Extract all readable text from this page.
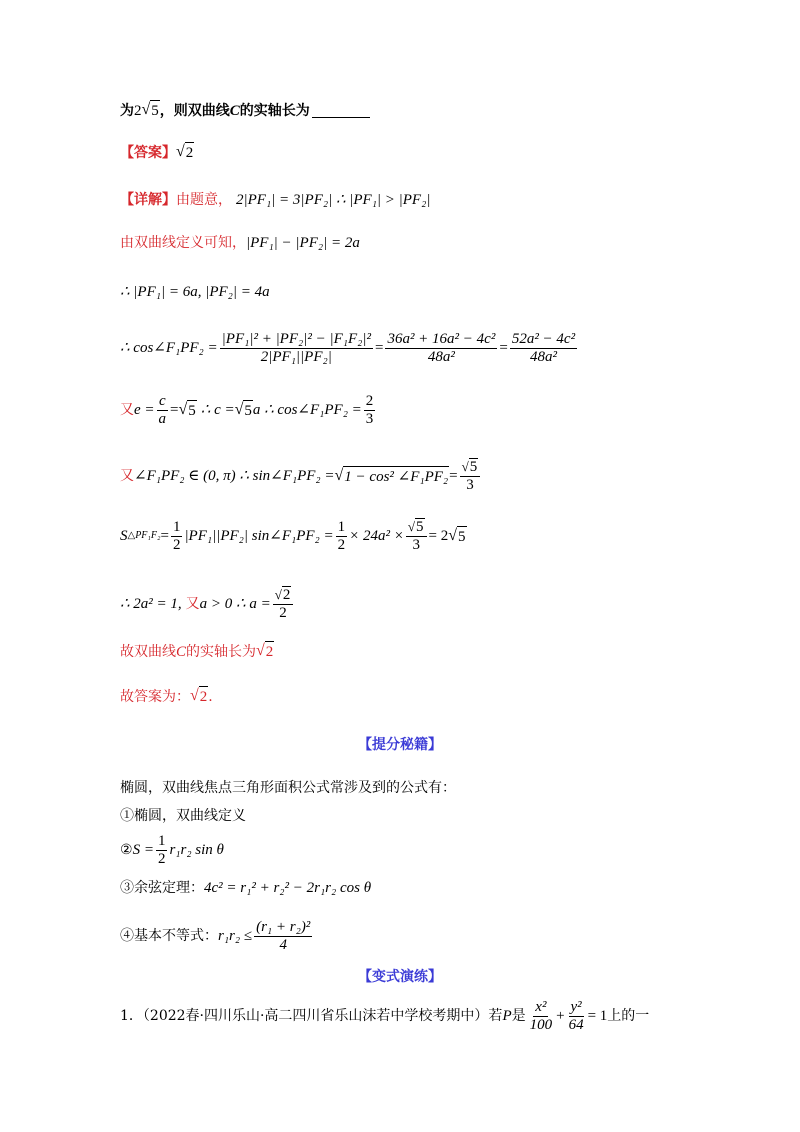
为 2 √ 5 ，则双曲线 C 的实轴长为
【答案】 √ 2
【详解】 由题意， 2|PF₁| = 3|PF₂| ∴ |PF₁| > |PF₂|
由双曲线定义可知， |PF₁| − |PF₂| = 2a
∴ |PF₁| = 6a, |PF₂| = 4a
∴ cos∠F₁PF₂ = $\frac{\text{|PF₁|² + |PF₂|² − |F₁F₂|²}}{\text{2|PF₁||PF₂|}} = \frac{\text{36a² + 16a² − 4c²}}{\text{48a²}} = \frac{\text{52a² − 4c²}}{\text{48a²}}$
又 $e = \frac{c}{a}$ = √ 5 ∴ c = √ 5 a ∴ cos∠F₁PF₂ = $\frac{2}{3}$
又 ∠F₁PF₂ ∈ (0, π) ∴ sin∠F₁PF₂ = √ 1 − cos² ∠F₁PF₂ = $\frac{√ 5}{3}$
S △PF₁F₂ = $\frac{1}{2} |PF_1||PF_2|$ sin∠F₁PF₂ = $\frac{1}{2} \times 24a^2 \times \frac{√ 5}{3} = 2$ √ 5
∴ 2a² = 1, 又 a > 0 ∴ $a = \frac{√ 2}{2}$
故双曲线 C 的实轴长为 √ 2
故答案为： √ 2 .
【提分秘籍】
椭圆，双曲线焦点三角形面积公式常涉及到的公式有：
①椭圆，双曲线定义
② $S = \frac{1}{2} r_1r_2$ sin θ
③余弦定理： 4c² = r₁² + r₂² − 2r₁r₂ cos θ
④基本不等式： $r_1r_2 \le \frac{\text{(r₁ + r₂)²}}{4}$
【变式演练】
1．（2022春·四川乐山·高二四川省乐山沫若中学校考期中）若 P 是 $\frac{\text{x²}}{100} + \frac{\text{y²}}{64} = 1$ 上的一
